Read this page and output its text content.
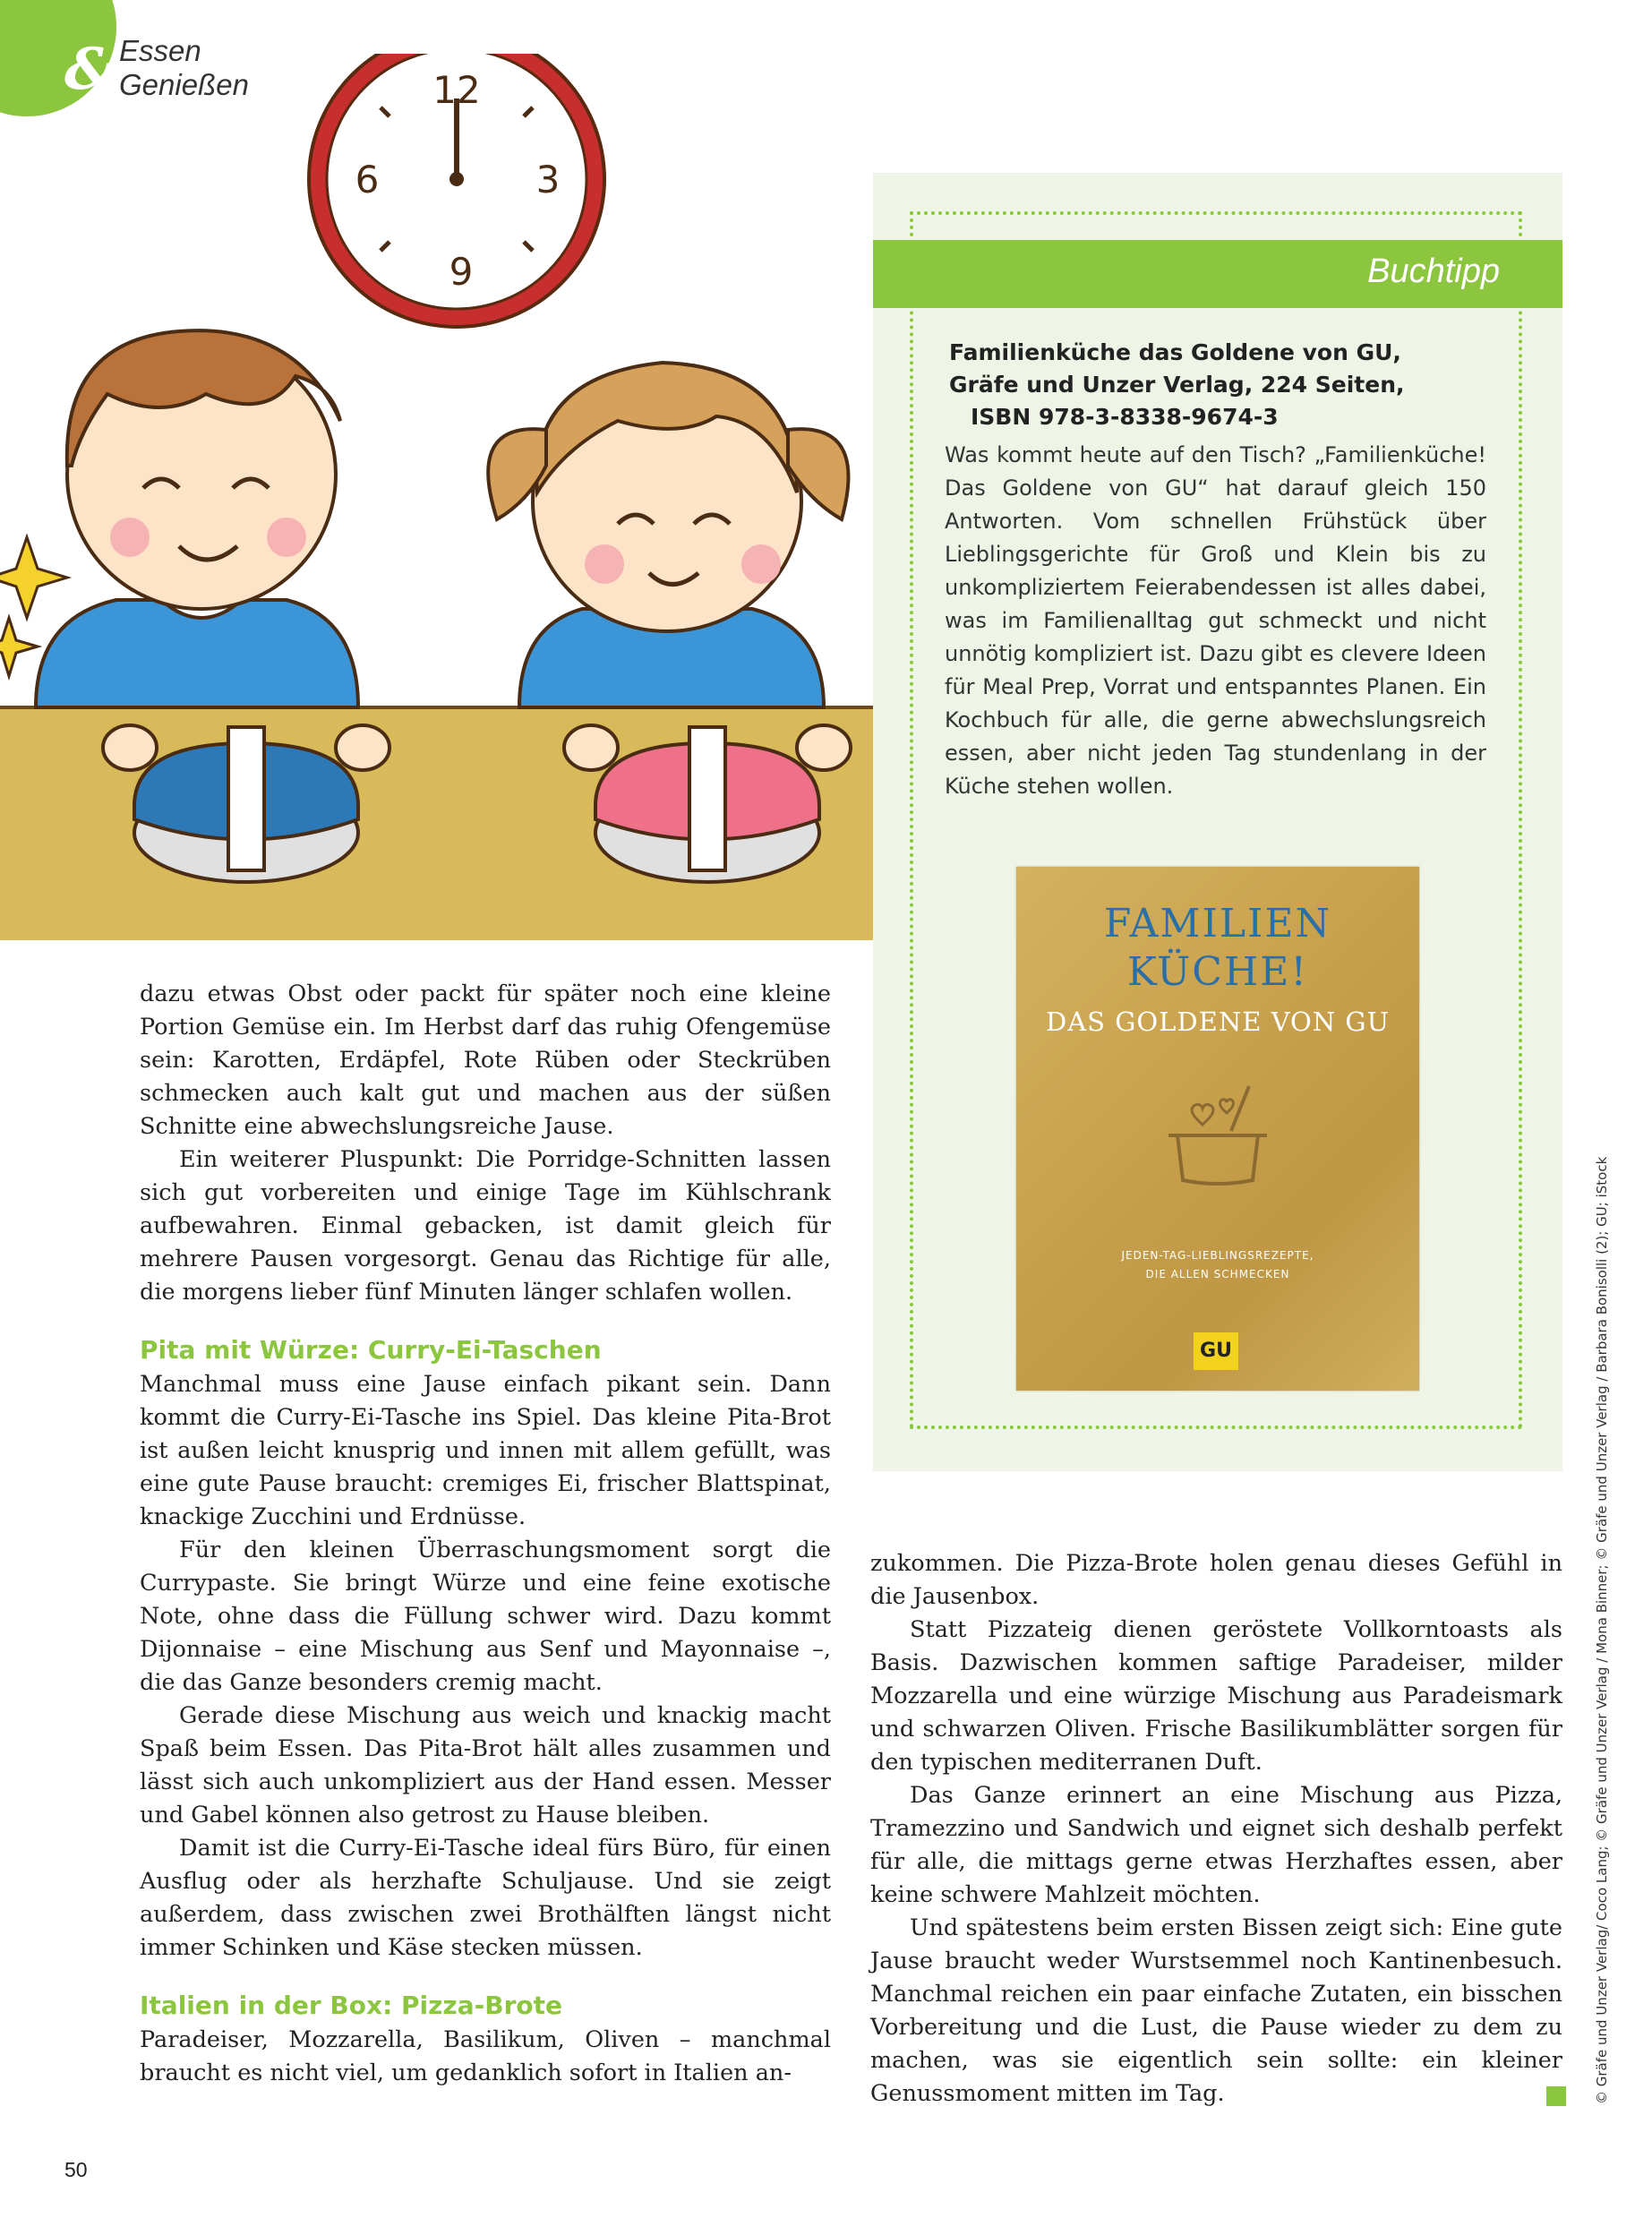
& Essen
Genießen	12
3
6
9	Buchtipp
Familienküche das Goldene von GU,
Gräfe und Unzer Verlag, 224 Seiten,
ISBN 978-3-8338-9674-3

Was kommt heute auf den Tisch? „Familienküche! Das Goldene von GU“ hat darauf gleich 150 Antworten. Vom schnellen Frühstück über Lieblingsgerichte für Groß und Klein bis zu unkompliziertem Feierabendessen ist alles dabei, was im Familienalltag gut schmeckt und nicht unnötig kompliziert ist. Dazu gibt es clevere Ideen für Meal Prep, Vorrat und entspanntes Planen. Ein Kochbuch für alle, die gerne abwechslungsreich essen, aber nicht jeden Tag stundenlang in der Küche stehen wollen.

FAMILIEN
KÜCHE!
DAS GOLDENE VON GU
JEDEN-TAG-LIEBLINGSREZEPTE,
DIE ALLEN SCHMECKEN
GU

dazu etwas Obst oder packt für später noch eine kleine Portion Gemüse ein. Im Herbst darf das ruhig Ofengemüse sein: Karotten, Erdäpfel, Rote Rüben oder Steckrüben schmecken auch kalt gut und machen aus der süßen Schnitte eine abwechslungsreiche Jause.

Ein weiterer Pluspunkt: Die Porridge-Schnitten lassen sich gut vorbereiten und einige Tage im Kühlschrank aufbewahren. Einmal gebacken, ist damit gleich für mehrere Pausen vorgesorgt. Genau das Richtige für alle, die morgens lieber fünf Minuten länger schlafen wollen.

Pita mit Würze: Curry-Ei-Taschen

Manchmal muss eine Jause einfach pikant sein. Dann kommt die Curry-Ei-Tasche ins Spiel. Das kleine Pita-Brot ist außen leicht knusprig und innen mit allem gefüllt, was eine gute Pause braucht: cremiges Ei, frischer Blattspinat, knackige Zucchini und Erdnüsse.

Für den kleinen Überraschungsmoment sorgt die Currypaste. Sie bringt Würze und eine feine exotische Note, ohne dass die Füllung schwer wird. Dazu kommt Dijonnaise – eine Mischung aus Senf und Mayonnaise –, die das Ganze besonders cremig macht.

Gerade diese Mischung aus weich und knackig macht Spaß beim Essen. Das Pita-Brot hält alles zusammen und lässt sich auch unkompliziert aus der Hand essen. Messer und Gabel können also getrost zu Hause bleiben.

Damit ist die Curry-Ei-Tasche ideal fürs Büro, für einen Ausflug oder als herzhafte Schuljause. Und sie zeigt außerdem, dass zwischen zwei Brothälften längst nicht immer Schinken und Käse stecken müssen.

Italien in der Box: Pizza-Brote

Paradeiser, Mozzarella, Basilikum, Oliven – manchmal braucht es nicht viel, um gedanklich sofort in Italien an-

zukommen. Die Pizza-Brote holen genau dieses Gefühl in die Jausenbox.

Statt Pizzateig dienen geröstete Vollkorntoasts als Basis. Dazwischen kommen saftige Paradeiser, milder Mozzarella und eine würzige Mischung aus Paradeismark und schwarzen Oliven. Frische Basilikumblätter sorgen für den typischen mediterranen Duft.

Das Ganze erinnert an eine Mischung aus Pizza, Tramezzino und Sandwich und eignet sich deshalb perfekt für alle, die mittags gerne etwas Herzhaftes essen, aber keine schwere Mahlzeit möchten.

Und spätestens beim ersten Bissen zeigt sich: Eine gute Jause braucht weder Wurstsemmel noch Kantinenbesuch. Manchmal reichen ein paar einfache Zutaten, ein bisschen Vorbereitung und die Lust, die Pause wieder zu dem zu machen, was sie eigentlich sein sollte: ein kleiner Genussmoment mitten im Tag.	© Gräfe und Unzer Verlag/ Coco Lang; © Gräfe und Unzer Verlag / Mona Binner; © Gräfe und Unzer Verlag / Barbara Bonisolli (2); GU; iStock
50
